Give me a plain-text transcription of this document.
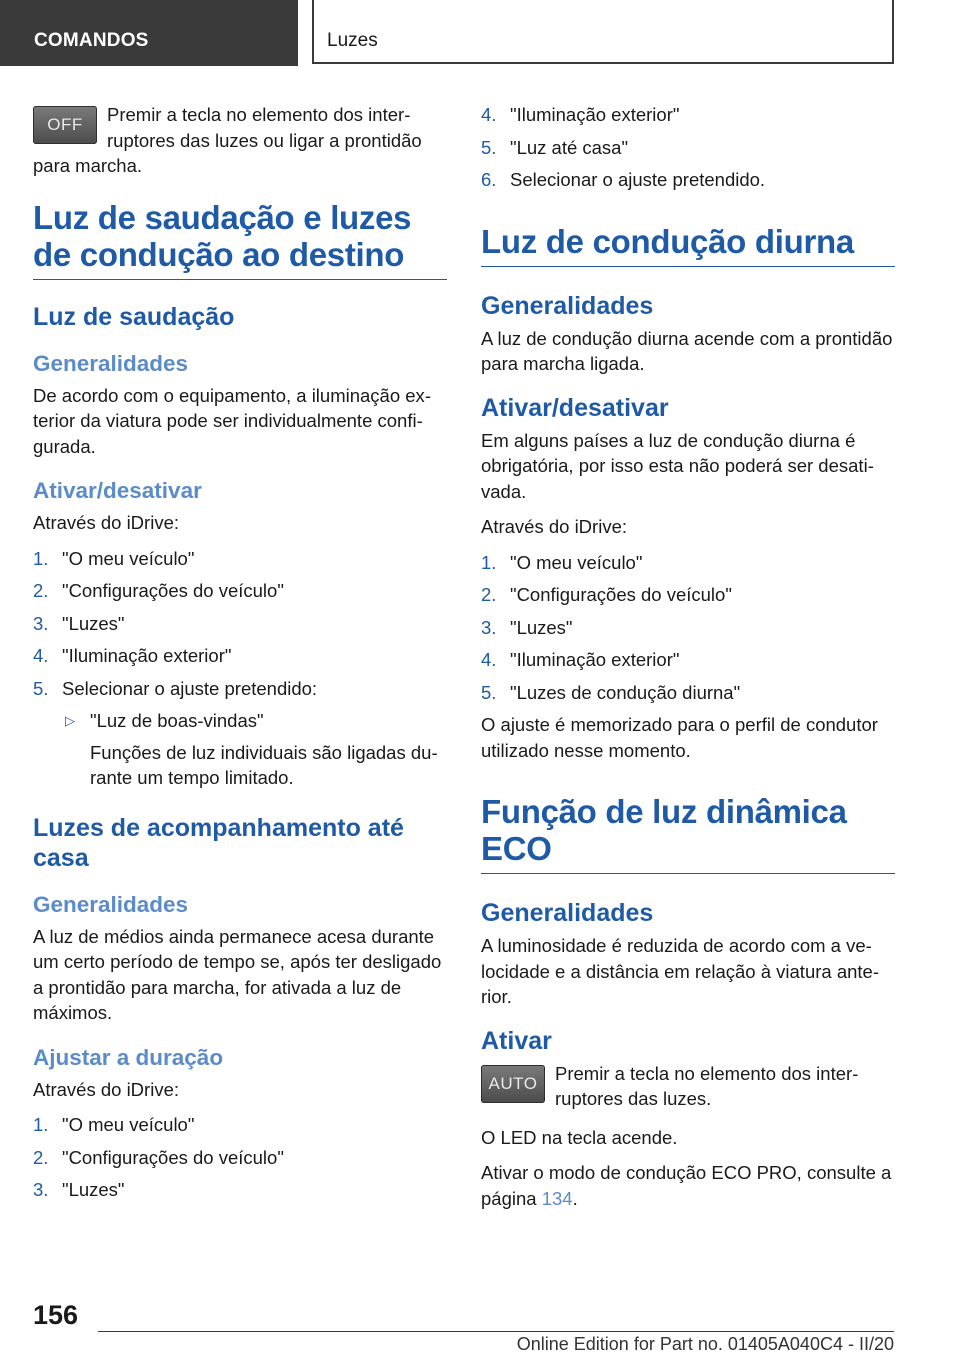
COMANDOS	Luzes
OFF	Premir a tecla no elemento dos interruptores das luzes ou ligar a prontidão para marcha.
Luz de saudação e luzes de condução ao destino
Luz de saudação
Generalidades

De acordo com o equipamento, a iluminação exterior da viatura pode ser individualmente configurada.

Ativar/desativar

Através do iDrive:

1. "O meu veículo"
2. "Configurações do veículo"
3. "Luzes"
4. "Iluminação exterior"
5. Selecionar o ajuste pretendido:
▷ "Luz de boas-vindas"
Funções de luz individuais são ligadas durante um tempo limitado.
Luzes de acompanhamento até casa
Generalidades

A luz de médios ainda permanece acesa durante um certo período de tempo se, após ter desligado a prontidão para marcha, for ativada a luz de máximos.

Ajustar a duração

Através do iDrive:

1. "O meu veículo"
2. "Configurações do veículo"
3. "Luzes"
4. "Iluminação exterior"
5. "Luz até casa"
6. Selecionar o ajuste pretendido.
Luz de condução diurna
Generalidades

A luz de condução diurna acende com a prontidão para marcha ligada.

Ativar/desativar

Em alguns países a luz de condução diurna é obrigatória, por isso esta não poderá ser desativada.

Através do iDrive:

1. "O meu veículo"
2. "Configurações do veículo"
3. "Luzes"
4. "Iluminação exterior"
5. "Luzes de condução diurna"

O ajuste é memorizado para o perfil de condutor utilizado nesse momento.

Função de luz dinâmica ECO
Generalidades

A luminosidade é reduzida de acordo com a velocidade e a distância em relação à viatura anterior.

Ativar
AUTO Premir a tecla no elemento dos interruptores das luzes.

O LED na tecla acende.

Ativar o modo de condução ECO PRO, consulte a página 134.

156
Online Edition for Part no. 01405A040C4 - II/20
